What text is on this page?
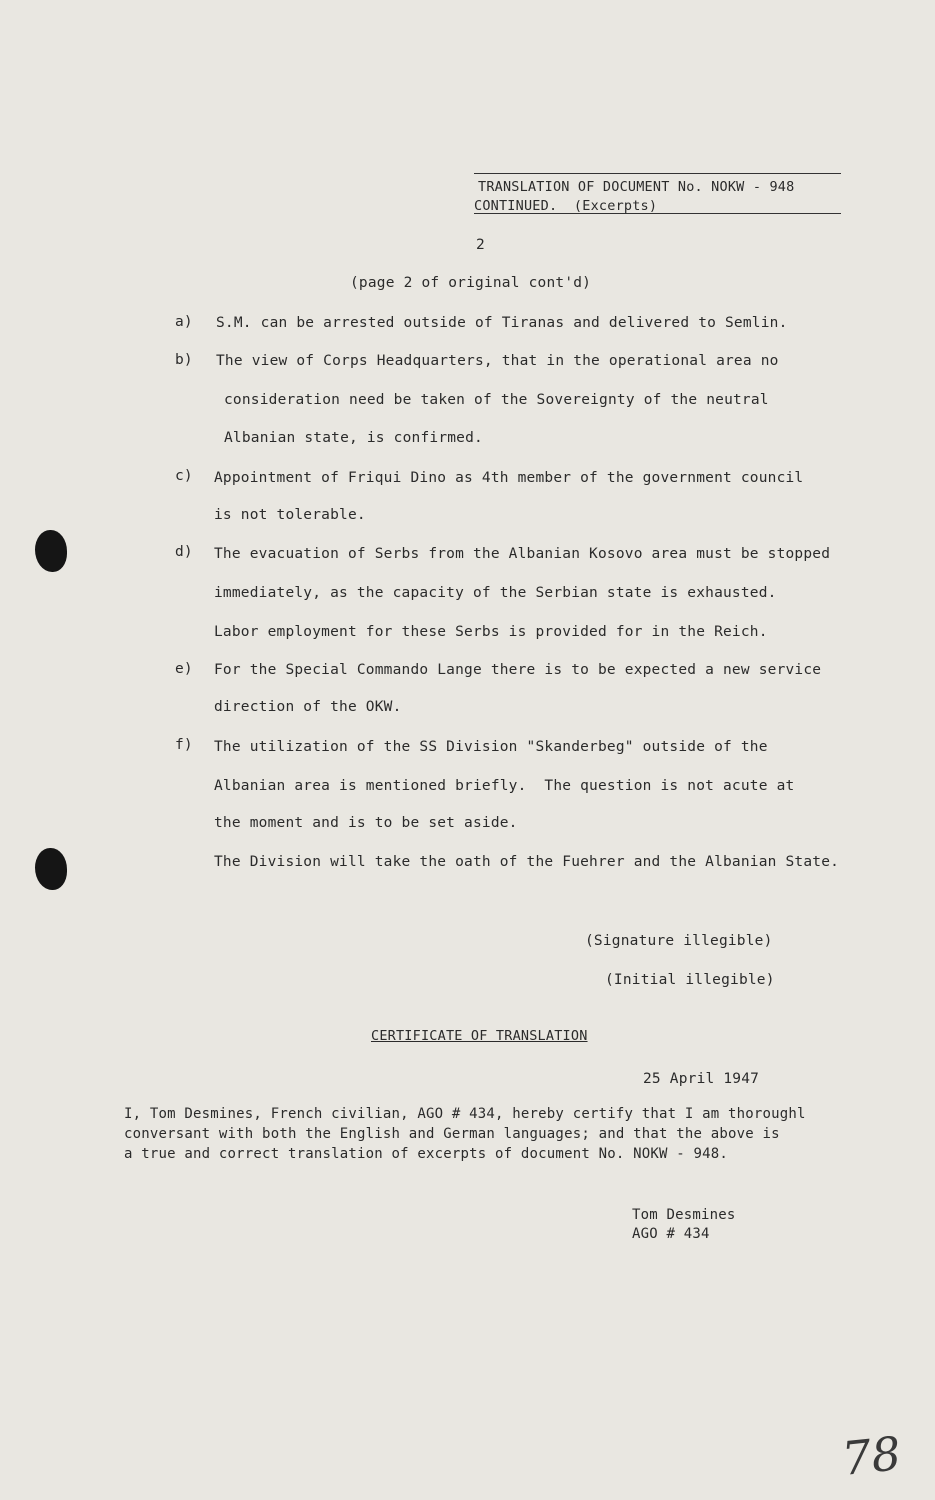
TRANSLATION OF DOCUMENT No. NOKW - 948
CONTINUED.  (Excerpts)
2
(page 2 of original cont'd)
a) S.M. can be arrested outside of Tiranas and delivered to Semlin.
b) The view of Corps Headquarters, that in the operational area no
consideration need be taken of the Sovereignty of the neutral
Albanian state, is confirmed.
c) Appointment of Friqui Dino as 4th member of the government council
is not tolerable.
d) The evacuation of Serbs from the Albanian Kosovo area must be stopped
immediately, as the capacity of the Serbian state is exhausted.
Labor employment for these Serbs is provided for in the Reich.
e) For the Special Commando Lange there is to be expected a new service
direction of the OKW.
f) The utilization of the SS Division "Skanderbeg" outside of the
Albanian area is mentioned briefly.  The question is not acute at
the moment and is to be set aside.
The Division will take the oath of the Fuehrer and the Albanian State.
(Signature illegible)
(Initial illegible)
CERTIFICATE OF TRANSLATION
25 April 1947
I, Tom Desmines, French civilian, AGO # 434, hereby certify that I am thoroughl
conversant with both the English and German languages; and that the above is
a true and correct translation of excerpts of document No. NOKW - 948.
Tom Desmines
AGO # 434
78
